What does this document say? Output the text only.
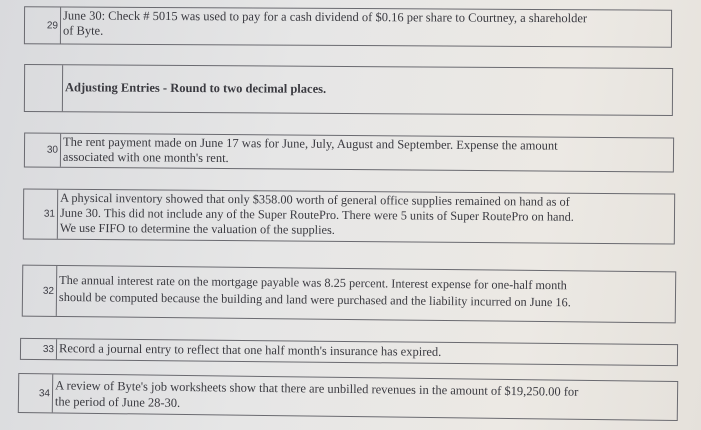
29
June 30: Check # 5015 was used to pay for a cash dividend of $0.16 per share to Courtney, a shareholder
of Byte.
Adjusting Entries - Round to two decimal places.
30 The rent payment made on June 17 was for June, July, August and September. Expense the amount
associated with one month's rent.
31
A physical inventory showed that only $358.00 worth of general office supplies remained on hand as of
June 30. This did not include any of the Super RoutePro. There were 5 units of Super RoutePro on hand.
We use FIFO to determine the valuation of the supplies.
32 The annual interest rate on the mortgage payable was 8.25 percent. Interest expense for one-half month
should be computed because the building and land were purchased and the liability incurred on June 16.
33 Record a journal entry to reflect that one half month's insurance has expired.
34 A review of Byte's job worksheets show that there are unbilled revenues in the amount of $19,250.00 for
the period of June 28-30.
